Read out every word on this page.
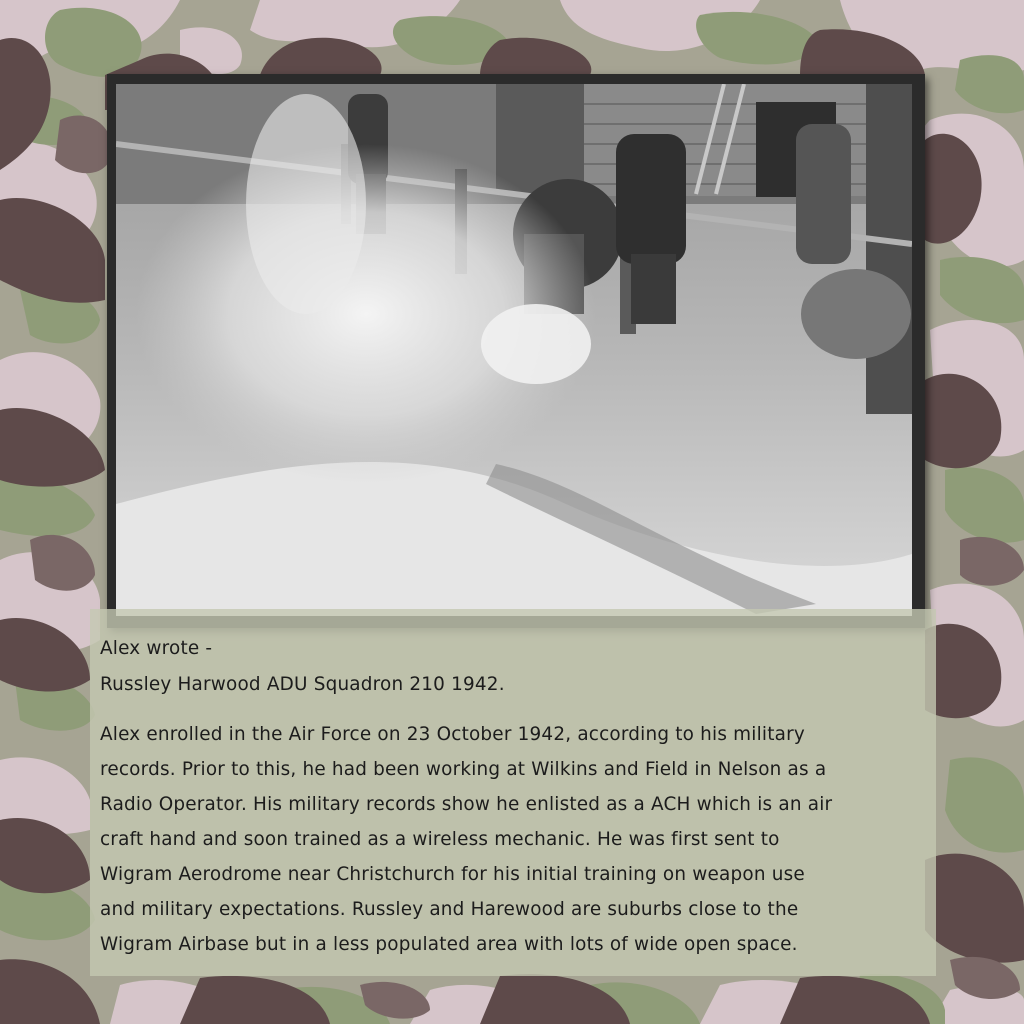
Alex wrote -

Russley Harwood ADU Squadron 210 1942.

Alex enrolled in the Air Force on 23 October 1942, according to his military

records. Prior to this, he had been working at Wilkins and Field in Nelson as a

Radio Operator. His military records show he enlisted as a ACH which is an air

craft hand and soon trained as a wireless mechanic. He was first sent to

Wigram Aerodrome near Christchurch for his initial training on weapon use

and military expectations. Russley and Harewood are suburbs close to the

Wigram Airbase but in a less populated area with lots of wide open space.
